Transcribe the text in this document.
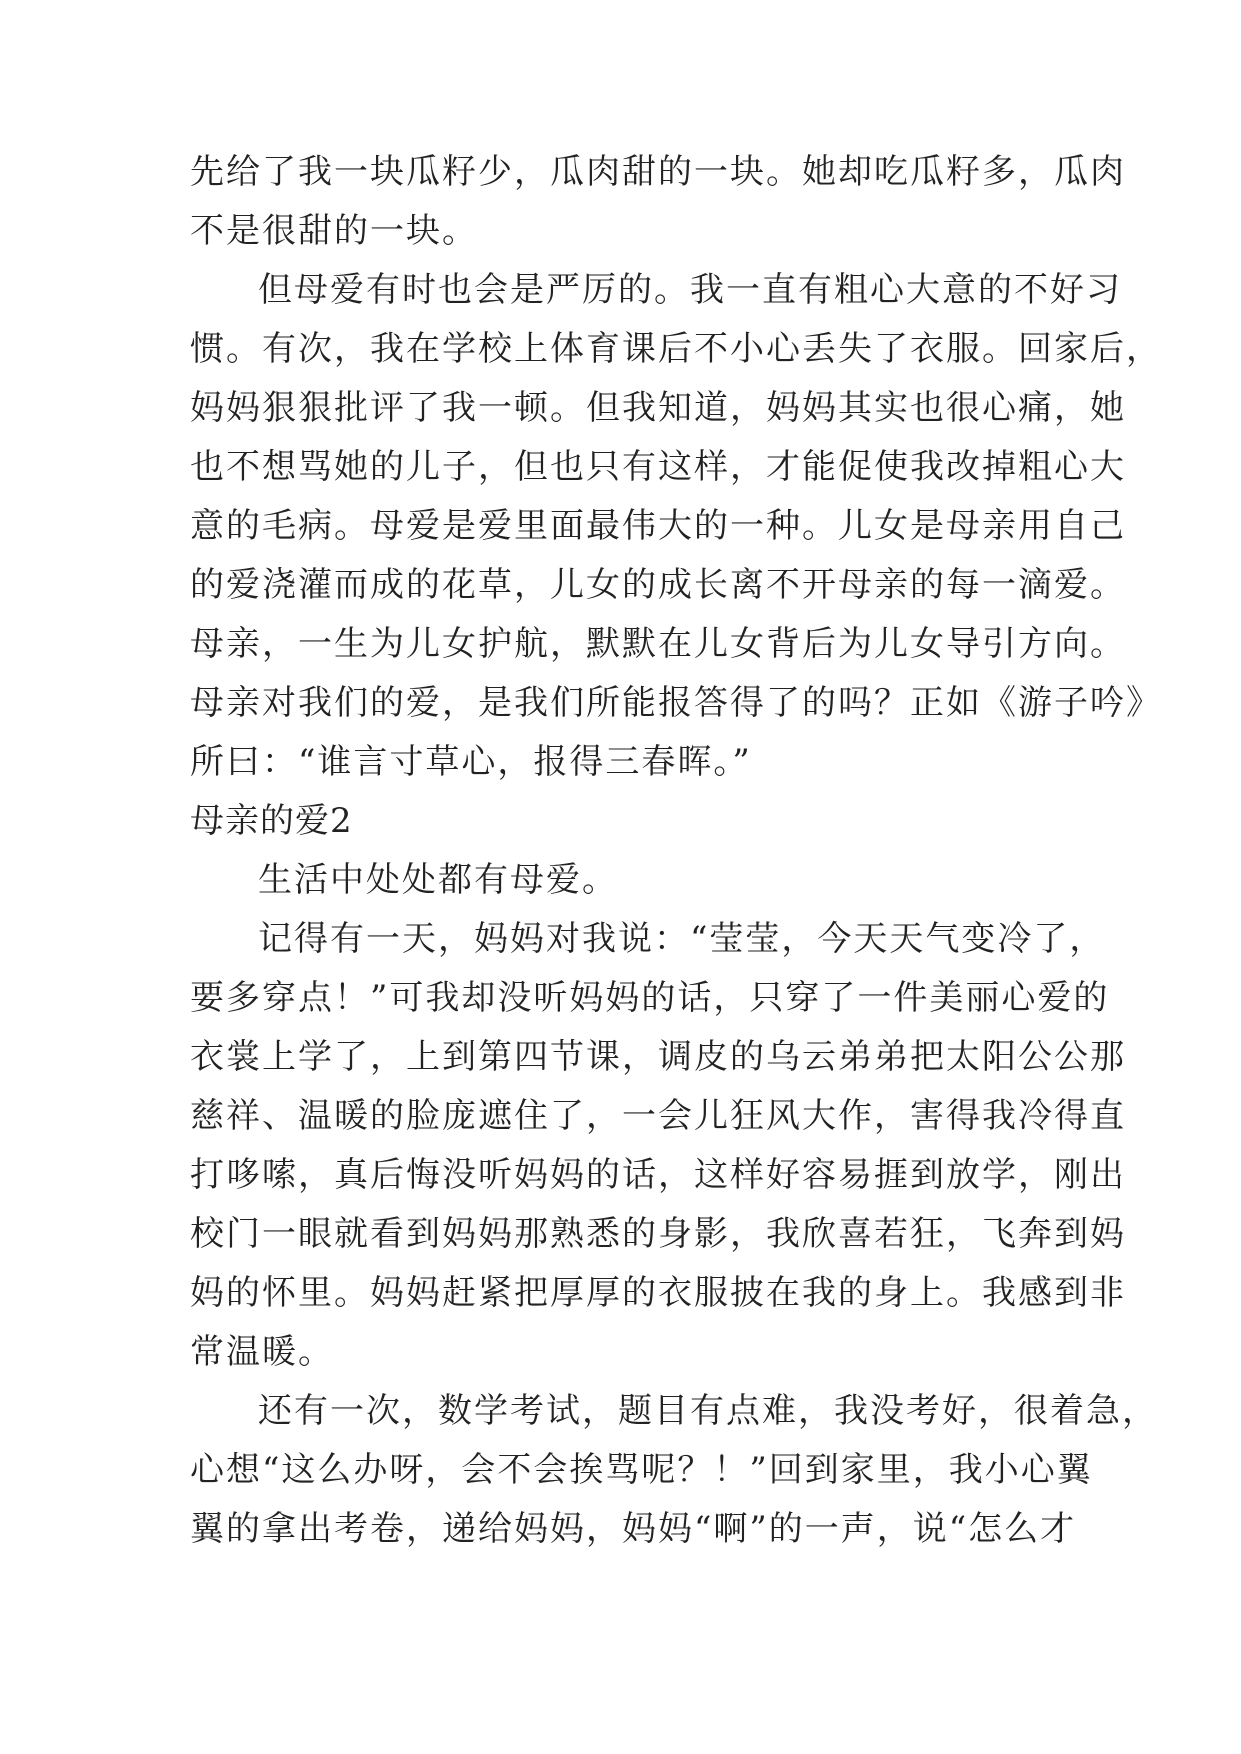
先给了我一块瓜籽少，瓜肉甜的一块。她却吃瓜籽多，瓜肉
不是很甜的一块。
但母爱有时也会是严厉的。我一直有粗心大意的不好习
惯。有次，我在学校上体育课后不小心丢失了衣服。回家后，
妈妈狠狠批评了我一顿。但我知道，妈妈其实也很心痛，她
也不想骂她的儿子，但也只有这样，才能促使我改掉粗心大
意的毛病。母爱是爱里面最伟大的一种。儿女是母亲用自己
的爱浇灌而成的花草，儿女的成长离不开母亲的每一滴爱。
母亲，一生为儿女护航，默默在儿女背后为儿女导引方向。
母亲对我们的爱，是我们所能报答得了的吗？正如《游子吟》
所曰：“谁言寸草心，报得三春晖。”
母亲的爱2
生活中处处都有母爱。
记得有一天，妈妈对我说：“莹莹，今天天气变冷了，
要多穿点！”可我却没听妈妈的话，只穿了一件美丽心爱的
衣裳上学了，上到第四节课，调皮的乌云弟弟把太阳公公那
慈祥、温暖的脸庞遮住了，一会儿狂风大作，害得我冷得直
打哆嗦，真后悔没听妈妈的话，这样好容易捱到放学，刚出
校门一眼就看到妈妈那熟悉的身影，我欣喜若狂，飞奔到妈
妈的怀里。妈妈赶紧把厚厚的衣服披在我的身上。我感到非
常温暖。
还有一次，数学考试，题目有点难，我没考好，很着急，
心想“这么办呀，会不会挨骂呢？！”回到家里，我小心翼
翼的拿出考卷，递给妈妈，妈妈“啊”的一声，说“怎么才
